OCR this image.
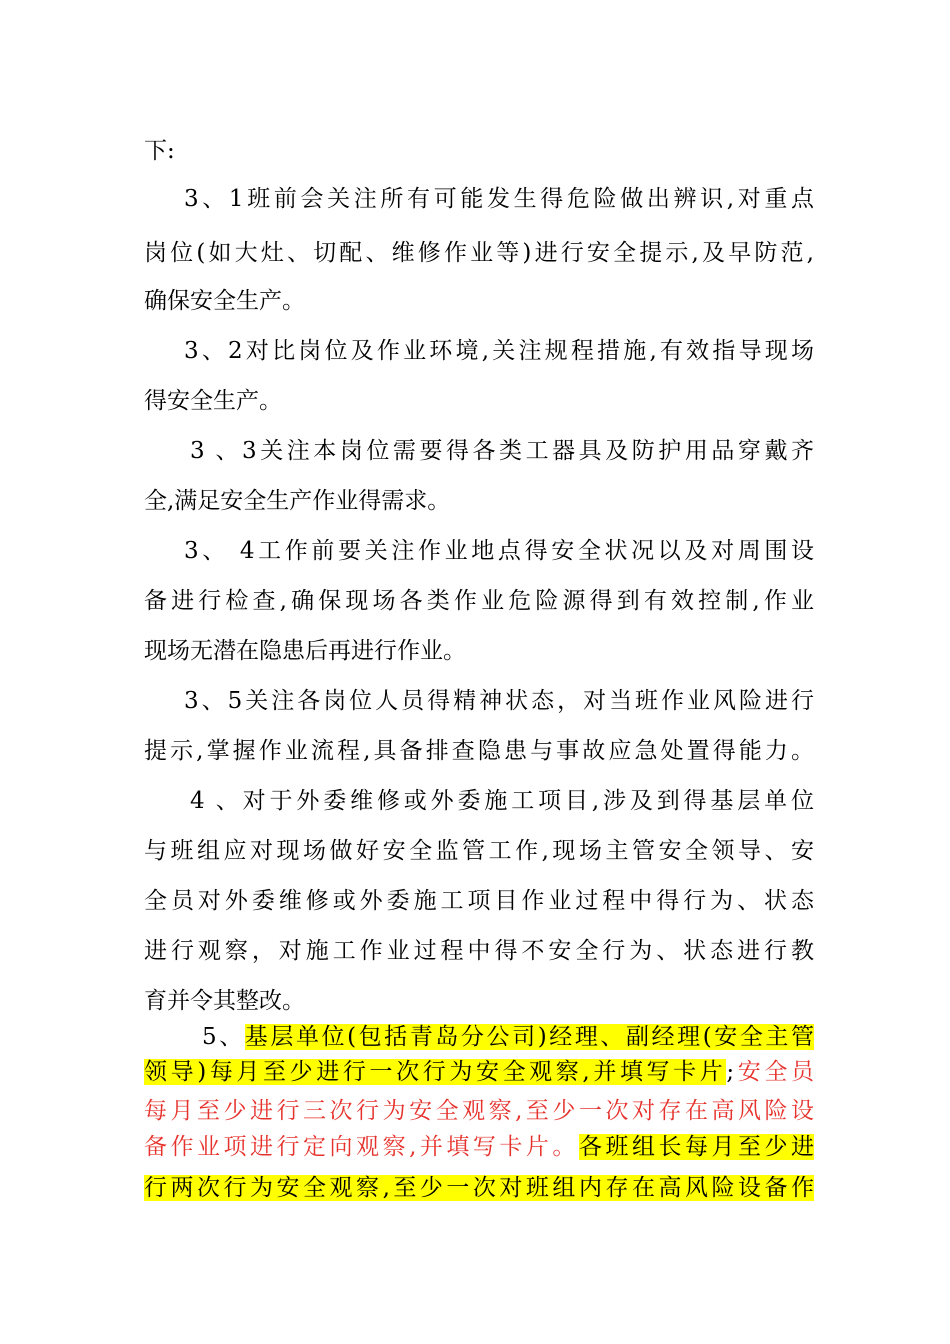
下:
3、1班前会关注所有可能发生得危险做出辨识,对重点
岗位(如大灶、切配、维修作业等)进行安全提示,及早防范,
确保安全生产。
3、2对比岗位及作业环境,关注规程措施,有效指导现场
得安全生产。
3 、3关注本岗位需要得各类工器具及防护用品穿戴齐
全,满足安全生产作业得需求。
3、 4工作前要关注作业地点得安全状况以及对周围设
备进行检查,确保现场各类作业危险源得到有效控制,作业
现场无潜在隐患后再进行作业。
3、5关注各岗位人员得精神状态，对当班作业风险进行
提示,掌握作业流程,具备排查隐患与事故应急处置得能力。
4 、对于外委维修或外委施工项目,涉及到得基层单位
与班组应对现场做好安全监管工作,现场主管安全领导、安
全员对外委维修或外委施工项目作业过程中得行为、状态
进行观察，对施工作业过程中得不安全行为、状态进行教
育并令其整改。
5、基层单位(包括青岛分公司)经理、副经理(安全主管
领导)每月至少进行一次行为安全观察,并填写卡片;安全员
每月至少进行三次行为安全观察,至少一次对存在高风险设
备作业项进行定向观察,并填写卡片。各班组长每月至少进
行两次行为安全观察,至少一次对班组内存在高风险设备作
